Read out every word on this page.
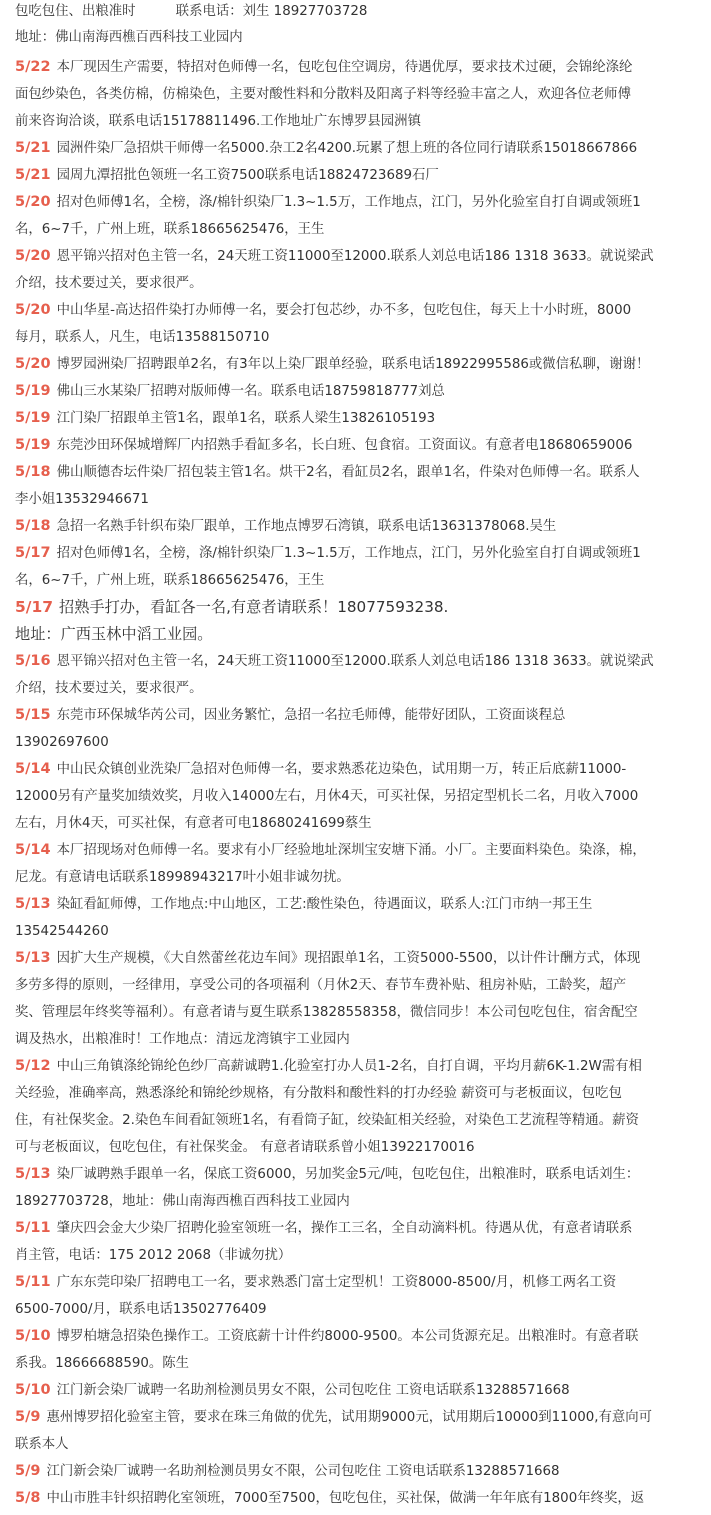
包吃包住、出粮准时　　　联系电话：刘生 18927703728
地址：佛山南海西樵百西科技工业园内
5/22 本厂现因生产需要，特招对色师傅一名，包吃包住空调房，待遇优厚，要求技术过硬，会锦纶涤纶
面包纱染色，各类仿棉，仿棉染色，主要对酸性料和分散料及阳离子料等经验丰富之人，欢迎各位老师傅
前来咨询洽谈，联系电话15178811496.工作地址广东博罗县园洲镇
5/21 园洲件染厂急招烘干师傅一名5000.杂工2名4200.玩累了想上班的各位同行请联系15018667866
5/21 园周九潭招批色领班一名工资7500联系电话18824723689石厂
5/20 招对色师傅1名，全榜，涤/棉针织染厂1.3~1.5万，工作地点，江门，另外化验室自打自调或领班1
名，6~7千，广州上班，联系18665625476，王生
5/20 恩平锦兴招对色主管一名，24天班工资11000至12000.联系人刘总电话186 1318 3633。就说梁武
介绍，技术要过关，要求很严。
5/20 中山华星-高达招件染打办师傅一名，要会打包芯纱，办不多，包吃包住，每天上十小时班，8000
每月，联系人，凡生，电话13588150710
5/20 博罗园洲染厂招聘跟单2名，有3年以上染厂跟单经验，联系电话18922995586或微信私聊，谢谢！
5/19 佛山三水某染厂招聘对版师傅一名。联系电话18759818777刘总
5/19 江门染厂招跟单主管1名，跟单1名，联系人梁生13826105193
5/19 东莞沙田环保城增辉厂内招熟手看缸多名，长白班、包食宿。工资面议。有意者电18680659006
5/18 佛山顺德杏坛件染厂招包装主管1名。烘干2名，看缸员2名，跟单1名，件染对色师傅一名。联系人
李小姐13532946671
5/18 急招一名熟手针织布染厂跟单，工作地点博罗石湾镇，联系电话13631378068.吴生
5/17 招对色师傅1名，全榜，涤/棉针织染厂1.3~1.5万，工作地点，江门，另外化验室自打自调或领班1
名，6~7千，广州上班，联系18665625476，王生
5/17 招熟手打办，看缸各一名,有意者请联系！18077593238.
地址：广西玉林中滔工业园。
5/16 恩平锦兴招对色主管一名，24天班工资11000至12000.联系人刘总电话186 1318 3633。就说梁武
介绍，技术要过关，要求很严。
5/15 东莞市环保城华芮公司，因业务繁忙，急招一名拉毛师傅，能带好团队，工资面谈程总
13902697600
5/14 中山民众镇创业洗染厂急招对色师傅一名，要求熟悉花边染色，试用期一万，转正后底薪11000-
12000另有产量奖加绩效奖，月收入14000左右，月休4天，可买社保，另招定型机长二名，月收入7000
左右，月休4天，可买社保，有意者可电18680241699蔡生
5/14 本厂招现场对色师傅一名。要求有小厂经验地址深圳宝安塘下涌。小厂。主要面料染色。染涤，棉，
尼龙。有意请电话联系18998943217叶小姐非诚勿扰。
5/13 染缸看缸师傅，工作地点:中山地区，工艺:酸性染色，待遇面议，联系人:江门市纳一邦王生
13542544260
5/13 因扩大生产规模，《大自然蕾丝花边车间》现招跟单1名，工资5000-5500，以计件计酬方式，体现
多劳多得的原则，一经律用，享受公司的各项福利（月休2天、春节车费补贴、租房补贴，工龄奖，超产
奖、管理层年终奖等福利）。有意者请与夏生联系13828558358，微信同步！本公司包吃包住，宿舍配空
调及热水，出粮准时！工作地点：清远龙湾镇宇工业园内
5/12 中山三角镇涤纶锦纶色纱厂高薪诚聘1.化验室打办人员1-2名，自打自调，平均月薪6K-1.2W需有相
关经验，准确率高，熟悉涤纶和锦纶纱规格，有分散料和酸性料的打办经验 薪资可与老板面议，包吃包
住，有社保奖金。2.染色车间看缸领班1名，有看筒子缸，绞染缸相关经验，对染色工艺流程等精通。薪资
可与老板面议，包吃包住，有社保奖金。 有意者请联系曾小姐13922170016
5/13 染厂诚聘熟手跟单一名，保底工资6000，另加奖金5元/吨，包吃包住，出粮准时，联系电话刘生：
18927703728，地址：佛山南海西樵百西科技工业园内
5/11 肇庆四会金大少染厂招聘化验室领班一名，操作工三名，全自动滴料机。待遇从优，有意者请联系
肖主管，电话：175 2012 2068（非诚勿扰）
5/11 广东东莞印染厂招聘电工一名，要求熟悉门富士定型机！工资8000-8500/月，机修工两名工资
6500-7000/月，联系电话13502776409
5/10 博罗柏塘急招染色操作工。工资底薪十计件约8000-9500。本公司货源充足。出粮准时。有意者联
系我。18666688590。陈生
5/10 江门新会染厂诚聘一名助剂检测员男女不限，公司包吃住 工资电话联系13288571668
5/9 惠州博罗招化验室主管，要求在珠三角做的优先，试用期9000元，试用期后10000到11000,有意向可
联系本人
5/9 江门新会染厂诚聘一名助剂检测员男女不限，公司包吃住 工资电话联系13288571668
5/8 中山市胜丰针织招聘化室领班，7000至7500，包吃包住，买社保，做满一年年底有1800年终奖，返
